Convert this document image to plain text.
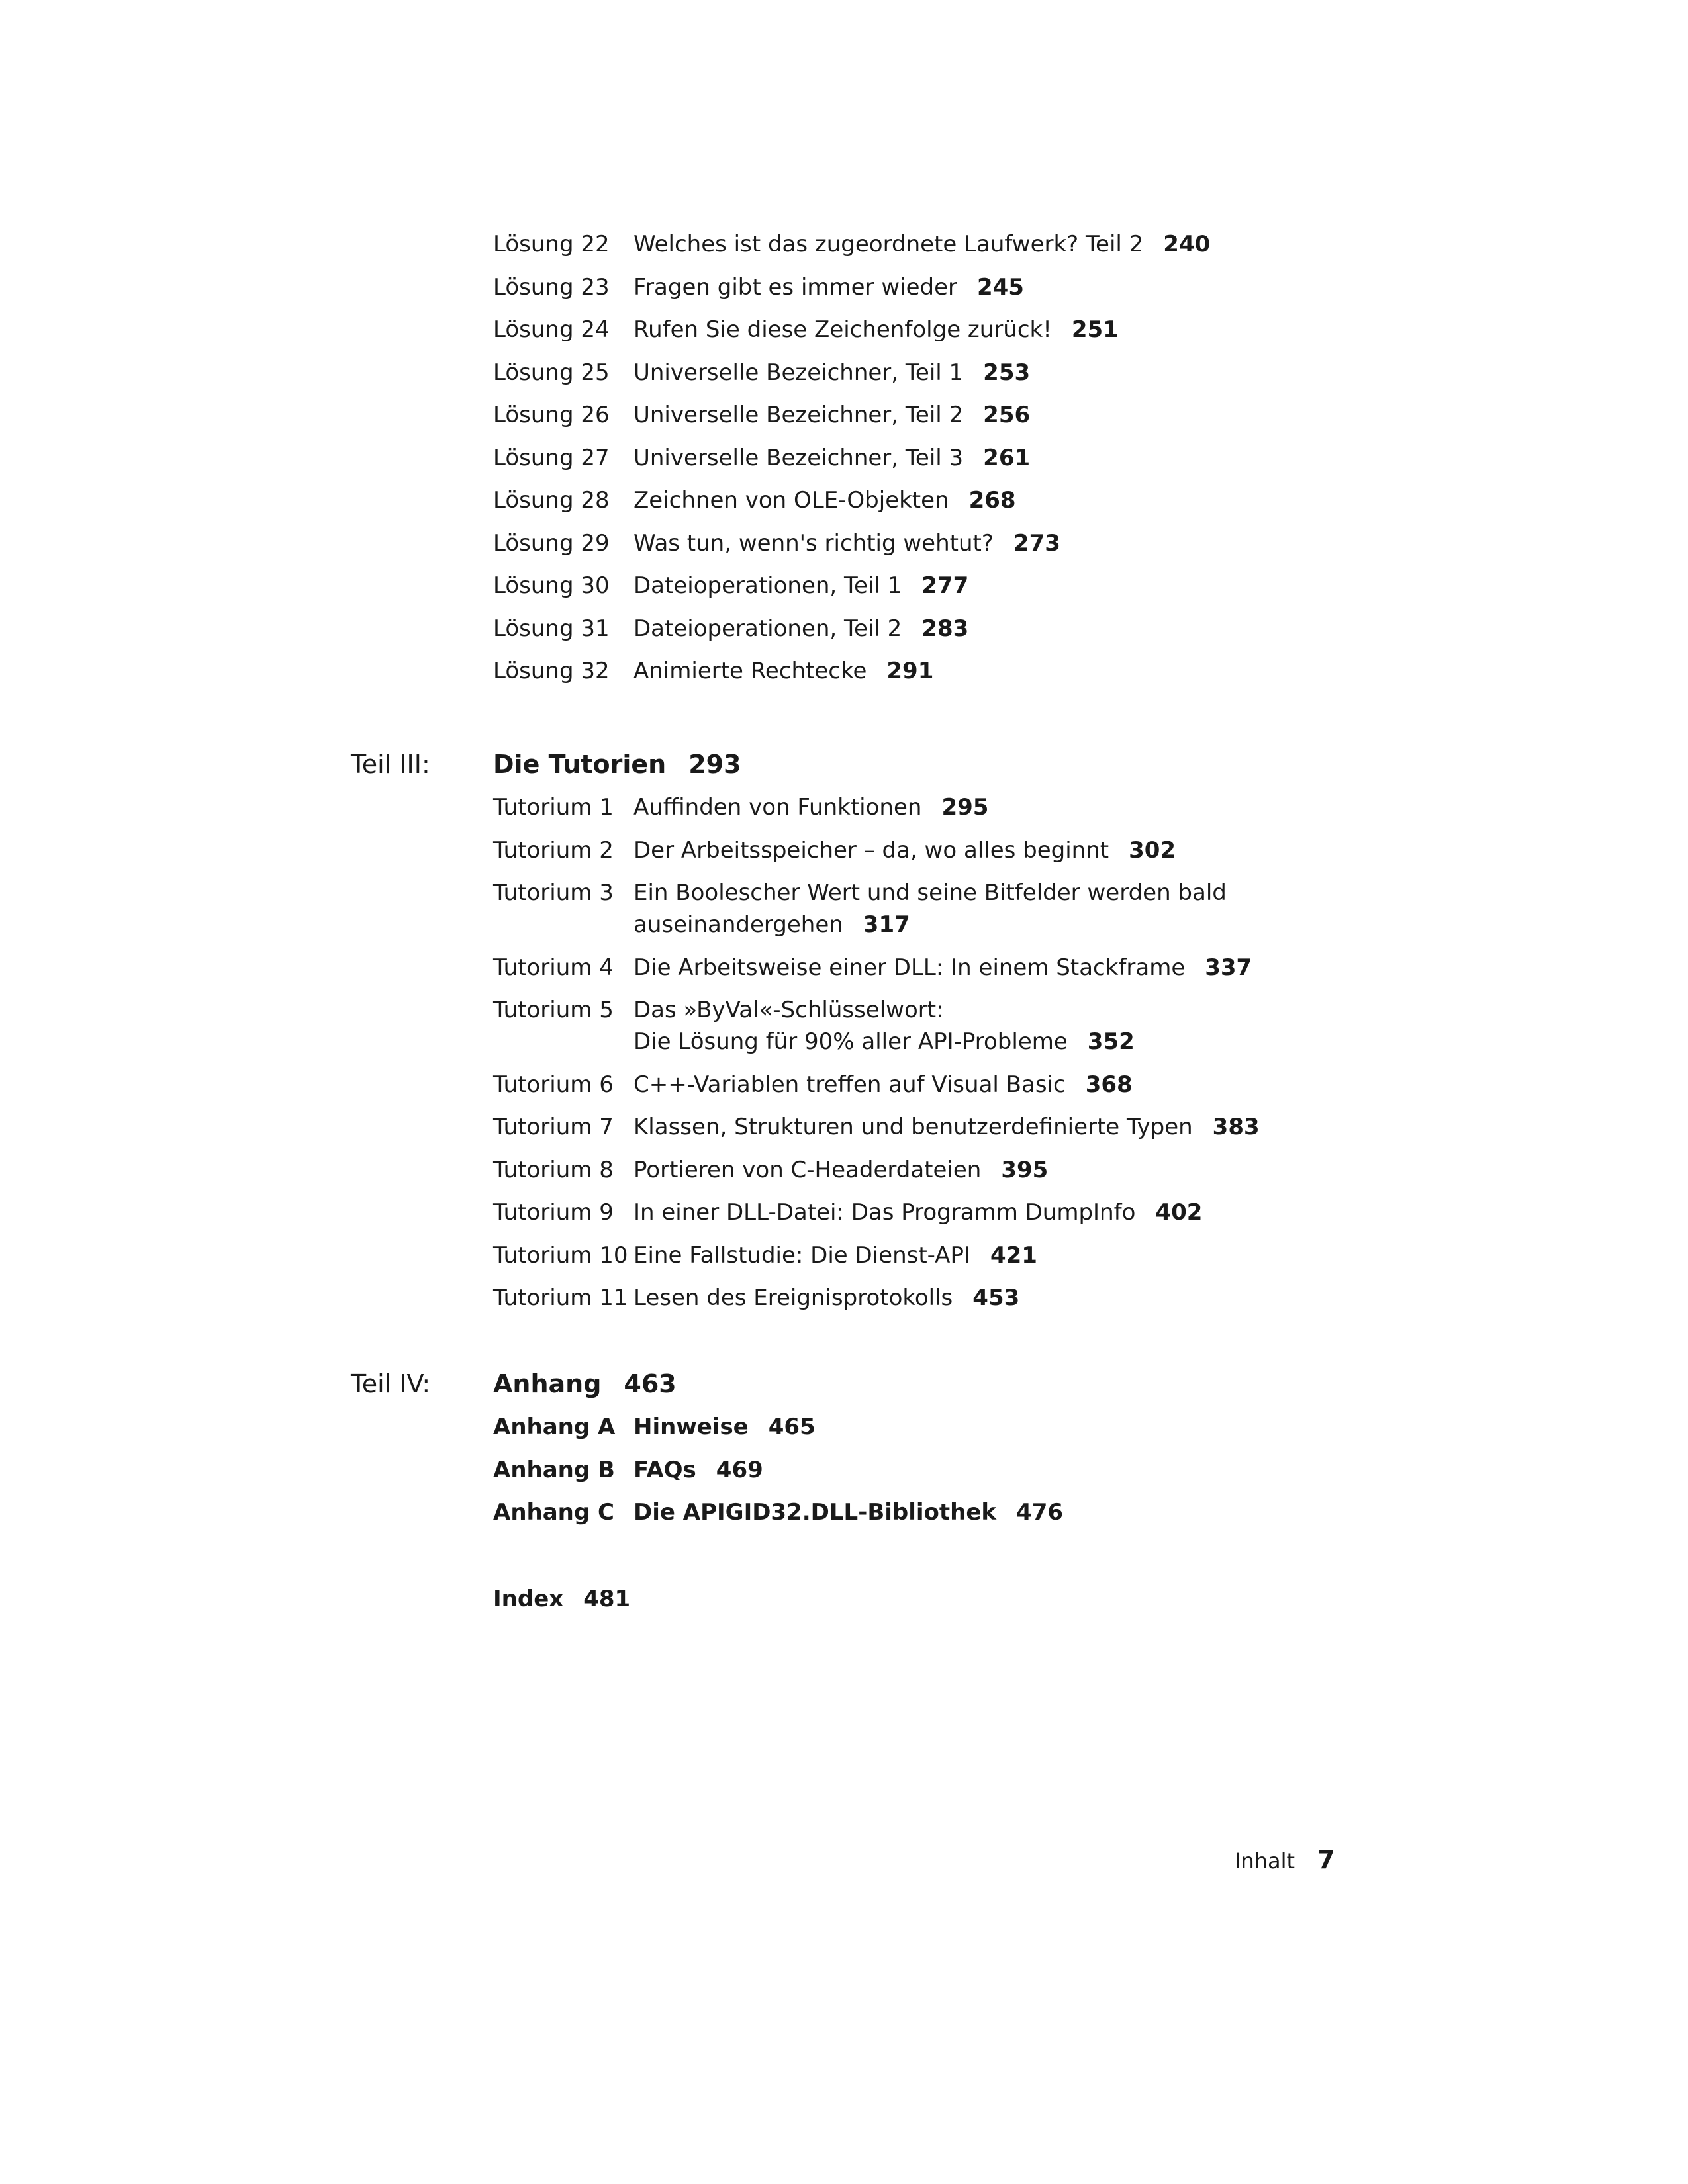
Lösung 22	Welches ist das zugeordnete Laufwerk? Teil 2 240
Lösung 23	Fragen gibt es immer wieder 245
Lösung 24	Rufen Sie diese Zeichenfolge zurück! 251
Lösung 25	Universelle Bezeichner, Teil 1 253
Lösung 26	Universelle Bezeichner, Teil 2 256
Lösung 27	Universelle Bezeichner, Teil 3 261
Lösung 28	Zeichnen von OLE-Objekten 268
Lösung 29	Was tun, wenn's richtig wehtut? 273
Lösung 30	Dateioperationen, Teil 1 277
Lösung 31	Dateioperationen, Teil 2 283
Lösung 32	Animierte Rechtecke 291
Teil III:	Die Tutorien 293
Tutorium 1 Auffinden von Funktionen 295
Tutorium 2 Der Arbeitsspeicher – da, wo alles beginnt 302
Tutorium 3 Ein Boolescher Wert und seine Bitfelder werden bald
auseinandergehen 317
Tutorium 4 Die Arbeitsweise einer DLL: In einem Stackframe 337
Tutorium 5 Das »ByVal«-Schlüsselwort:
Die Lösung für 90% aller API-Probleme 352
Tutorium 6 C++-Variablen treffen auf Visual Basic 368
Tutorium 7 Klassen, Strukturen und benutzerdefinierte Typen 383
Tutorium 8 Portieren von C-Headerdateien 395
Tutorium 9 In einer DLL-Datei: Das Programm DumpInfo 402
Tutorium 10 Eine Fallstudie: Die Dienst-API 421
Tutorium 11 Lesen des Ereignisprotokolls 453
Teil IV: Anhang 463
Anhang A Hinweise 465
Anhang B FAQs 469
Anhang C Die APIGID32.DLL-Bibliothek 476
Index 481
Inhalt 7
